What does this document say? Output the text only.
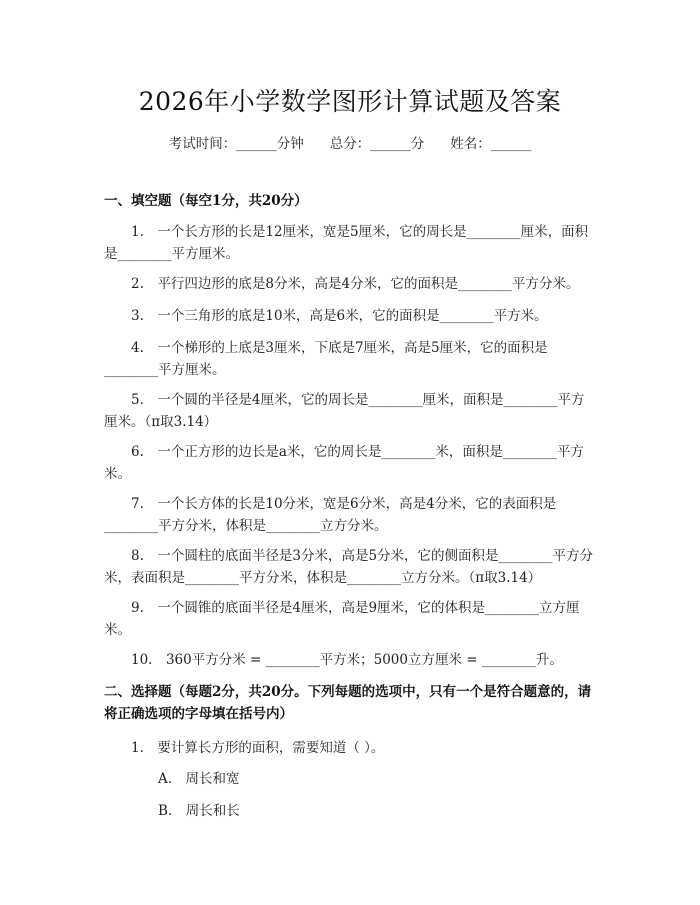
2026年小学数学图形计算试题及答案
考试时间：______分钟 总分：______分 姓名：______
一、填空题（每空1分，共20分）
1.　一个长方形的长是12厘米，宽是5厘米，它的周长是________厘米，面积是________平方厘米。
2.　平行四边形的底是8分米，高是4分米，它的面积是________平方分米。
3.　一个三角形的底是10米，高是6米，它的面积是________平方米。
4.　一个梯形的上底是3厘米，下底是7厘米，高是5厘米，它的面积是________平方厘米。
5.　一个圆的半径是4厘米，它的周长是________厘米，面积是________平方厘米。（π取3.14）
6.　一个正方形的边长是a米，它的周长是________米，面积是________平方米。
7.　一个长方体的长是10分米，宽是6分米，高是4分米，它的表面积是________平方分米，体积是________立方分米。
8.　一个圆柱的底面半径是3分米，高是5分米，它的侧面积是________平方分米，表面积是________平方分米，体积是________立方分米。（π取3.14）
9.　一个圆锥的底面半径是4厘米，高是9厘米，它的体积是________立方厘米。
10.　360平方分米 = ________平方米；5000立方厘米 = ________升。
二、选择题（每题2分，共20分。下列每题的选项中，只有一个是符合题意的，请将正确选项的字母填在括号内）
1.　要计算长方形的面积，需要知道（ ）。
A.　周长和宽
B.　周长和长
